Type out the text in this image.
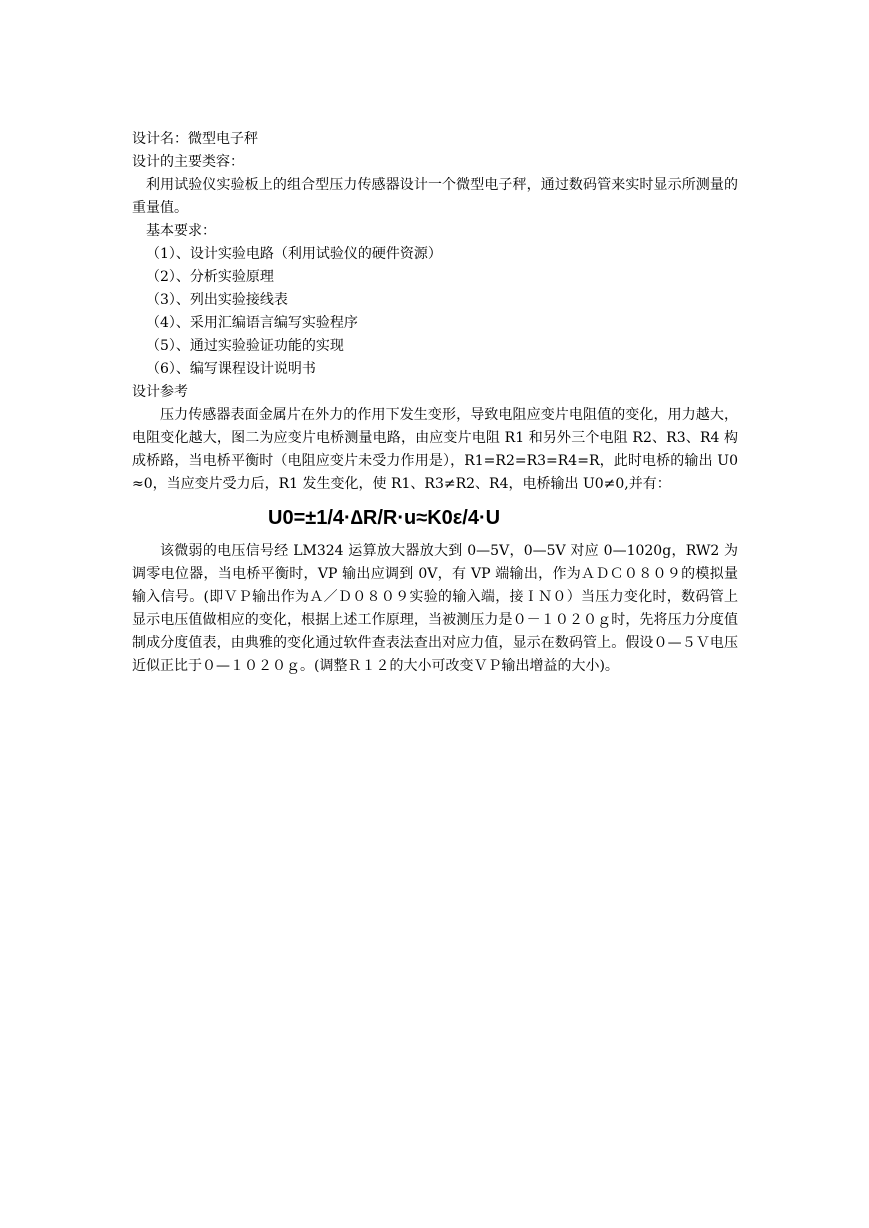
设计名：微型电子秤
设计的主要类容：
利用试验仪实验板上的组合型压力传感器设计一个微型电子秤，通过数码管来实时显示所测量的重量值。
基本要求：
（1）、设计实验电路（利用试验仪的硬件资源）
（2）、分析实验原理
（3）、列出实验接线表
（4）、采用汇编语言编写实验程序
（5）、通过实验验证功能的实现
（6）、编写课程设计说明书
设计参考
压力传感器表面金属片在外力的作用下发生变形，导致电阻应变片电阻值的变化，用力越大，电阻变化越大，图二为应变片电桥测量电路，由应变片电阻 R1 和另外三个电阻 R2、R3、R4 构成桥路，当电桥平衡时（电阻应变片未受力作用是），R1=R2=R3=R4=R，此时电桥的输出 U0≈0，当应变片受力后，R1 发生变化，使 R1、R3≠R2、R4，电桥输出 U0≠0,并有：
U0=±1/4·∆R/R·u≈K0ε/4·U
该微弱的电压信号经 LM324 运算放大器放大到 0—5V，0—5V 对应 0—1020g，RW2 为调零电位器，当电桥平衡时，VP 输出应调到 0V，有 VP 端输出，作为ＡＤＣ０８０９的模拟量输入信号。(即ＶＰ输出作为Ａ／Ｄ０８０９实验的输入端，接ＩＮ０）当压力变化时，数码管上显示电压值做相应的变化，根据上述工作原理，当被测压力是０－１０２０ｇ时，先将压力分度值制成分度值表，由典雅的变化通过软件查表法查出对应力值，显示在数码管上。假设０—５Ｖ电压近似正比于０—１０２０ｇ。(调整Ｒ１２的大小可改变ＶＰ输出增益的大小)。
